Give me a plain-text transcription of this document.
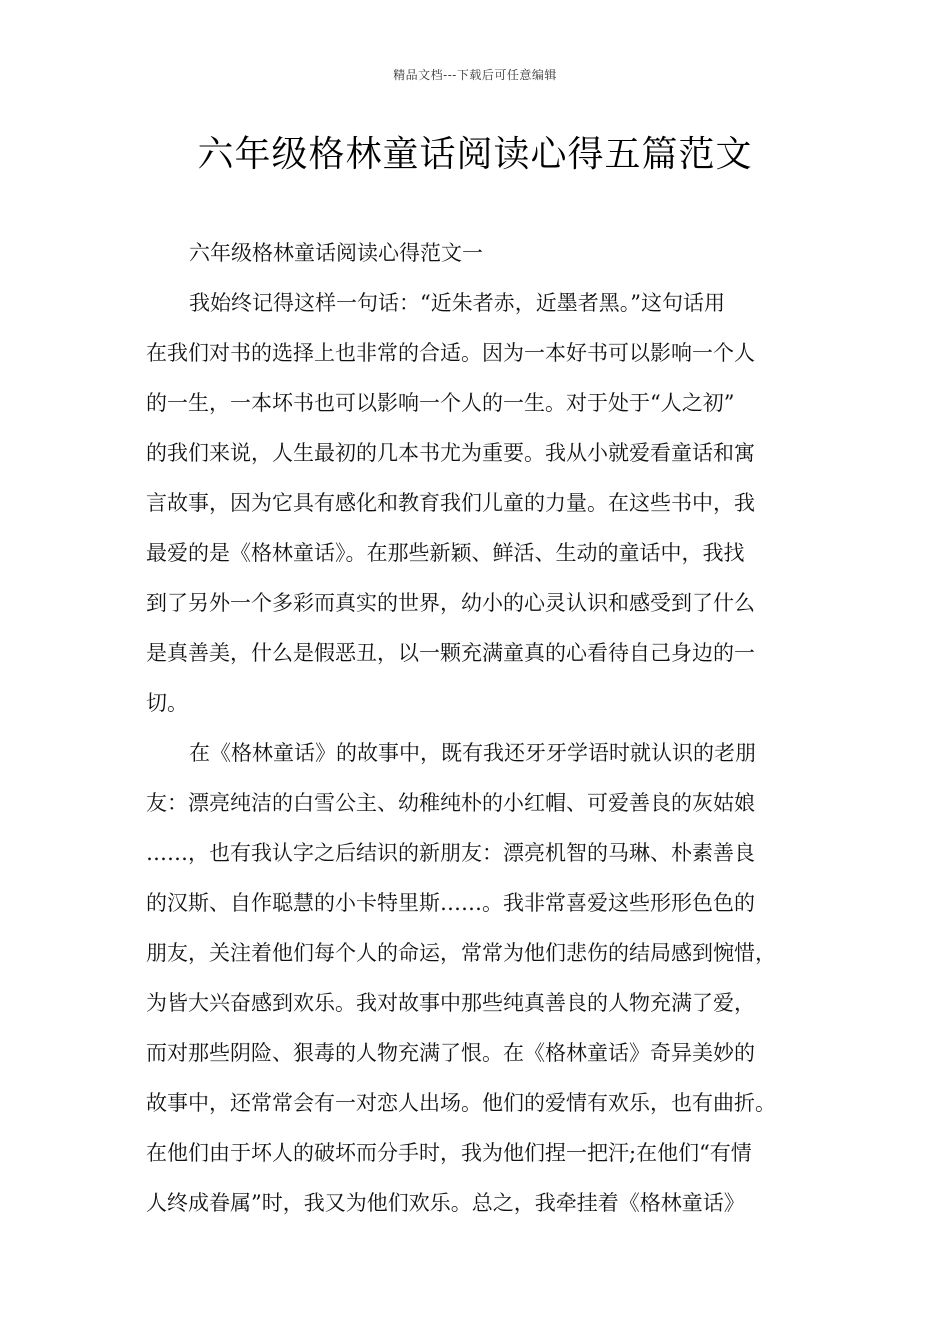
精品文档---下载后可任意编辑
六年级格林童话阅读心得五篇范文
六年级格林童话阅读心得范文一
我始终记得这样一句话：“近朱者赤，近墨者黑。”这句话用
在我们对书的选择上也非常的合适。因为一本好书可以影响一个人
的一生，一本坏书也可以影响一个人的一生。对于处于“人之初”
的我们来说，人生最初的几本书尤为重要。我从小就爱看童话和寓
言故事，因为它具有感化和教育我们儿童的力量。在这些书中，我
最爱的是《格林童话》。在那些新颖、鲜活、生动的童话中，我找
到了另外一个多彩而真实的世界，幼小的心灵认识和感受到了什么
是真善美，什么是假恶丑，以一颗充满童真的心看待自己身边的一
切。
在《格林童话》的故事中，既有我还牙牙学语时就认识的老朋
友：漂亮纯洁的白雪公主、幼稚纯朴的小红帽、可爱善良的灰姑娘
……，也有我认字之后结识的新朋友：漂亮机智的马琳、朴素善良
的汉斯、自作聪慧的小卡特里斯……。我非常喜爱这些形形色色的
朋友，关注着他们每个人的命运，常常为他们悲伤的结局感到惋惜，
为皆大兴奋感到欢乐。我对故事中那些纯真善良的人物充满了爱，
而对那些阴险、狠毒的人物充满了恨。在《格林童话》奇异美妙的
故事中，还常常会有一对恋人出场。他们的爱情有欢乐，也有曲折。
在他们由于坏人的破坏而分手时，我为他们捏一把汗;在他们“有情
人终成眷属”时，我又为他们欢乐。总之，我牵挂着《格林童话》
